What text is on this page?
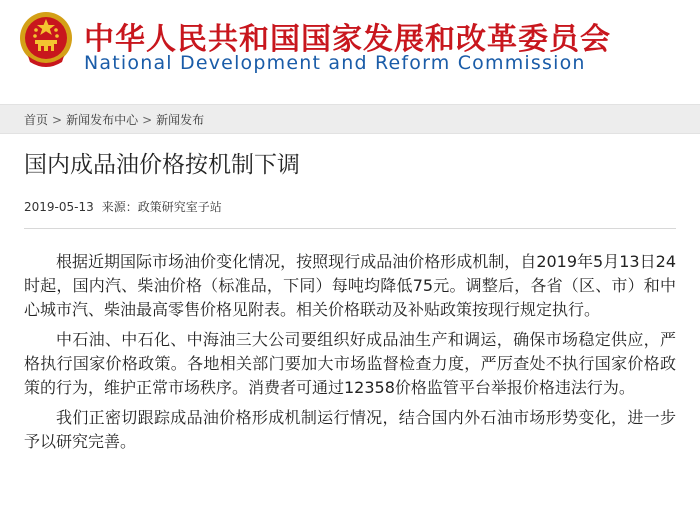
中华人民共和国国家发展和改革委员会
National Development and Reform Commission
首页 > 新闻发布中心 > 新闻发布
国内成品油价格按机制下调
2019-05-13 来源：政策研究室子站

根据近期国际市场油价变化情况，按照现行成品油价格形成机制，自2019年5月13日24时起，国内汽、柴油价格（标准品，下同）每吨均降低75元。调整后，各省（区、市）和中心城市汽、柴油最高零售价格见附表。相关价格联动及补贴政策按现行规定执行。

中石油、中石化、中海油三大公司要组织好成品油生产和调运，确保市场稳定供应，严格执行国家价格政策。各地相关部门要加大市场监督检查力度，严厉查处不执行国家价格政策的行为，维护正常市场秩序。消费者可通过12358价格监管平台举报价格违法行为。

我们正密切跟踪成品油价格形成机制运行情况，结合国内外石油市场形势变化，进一步予以研究完善。
